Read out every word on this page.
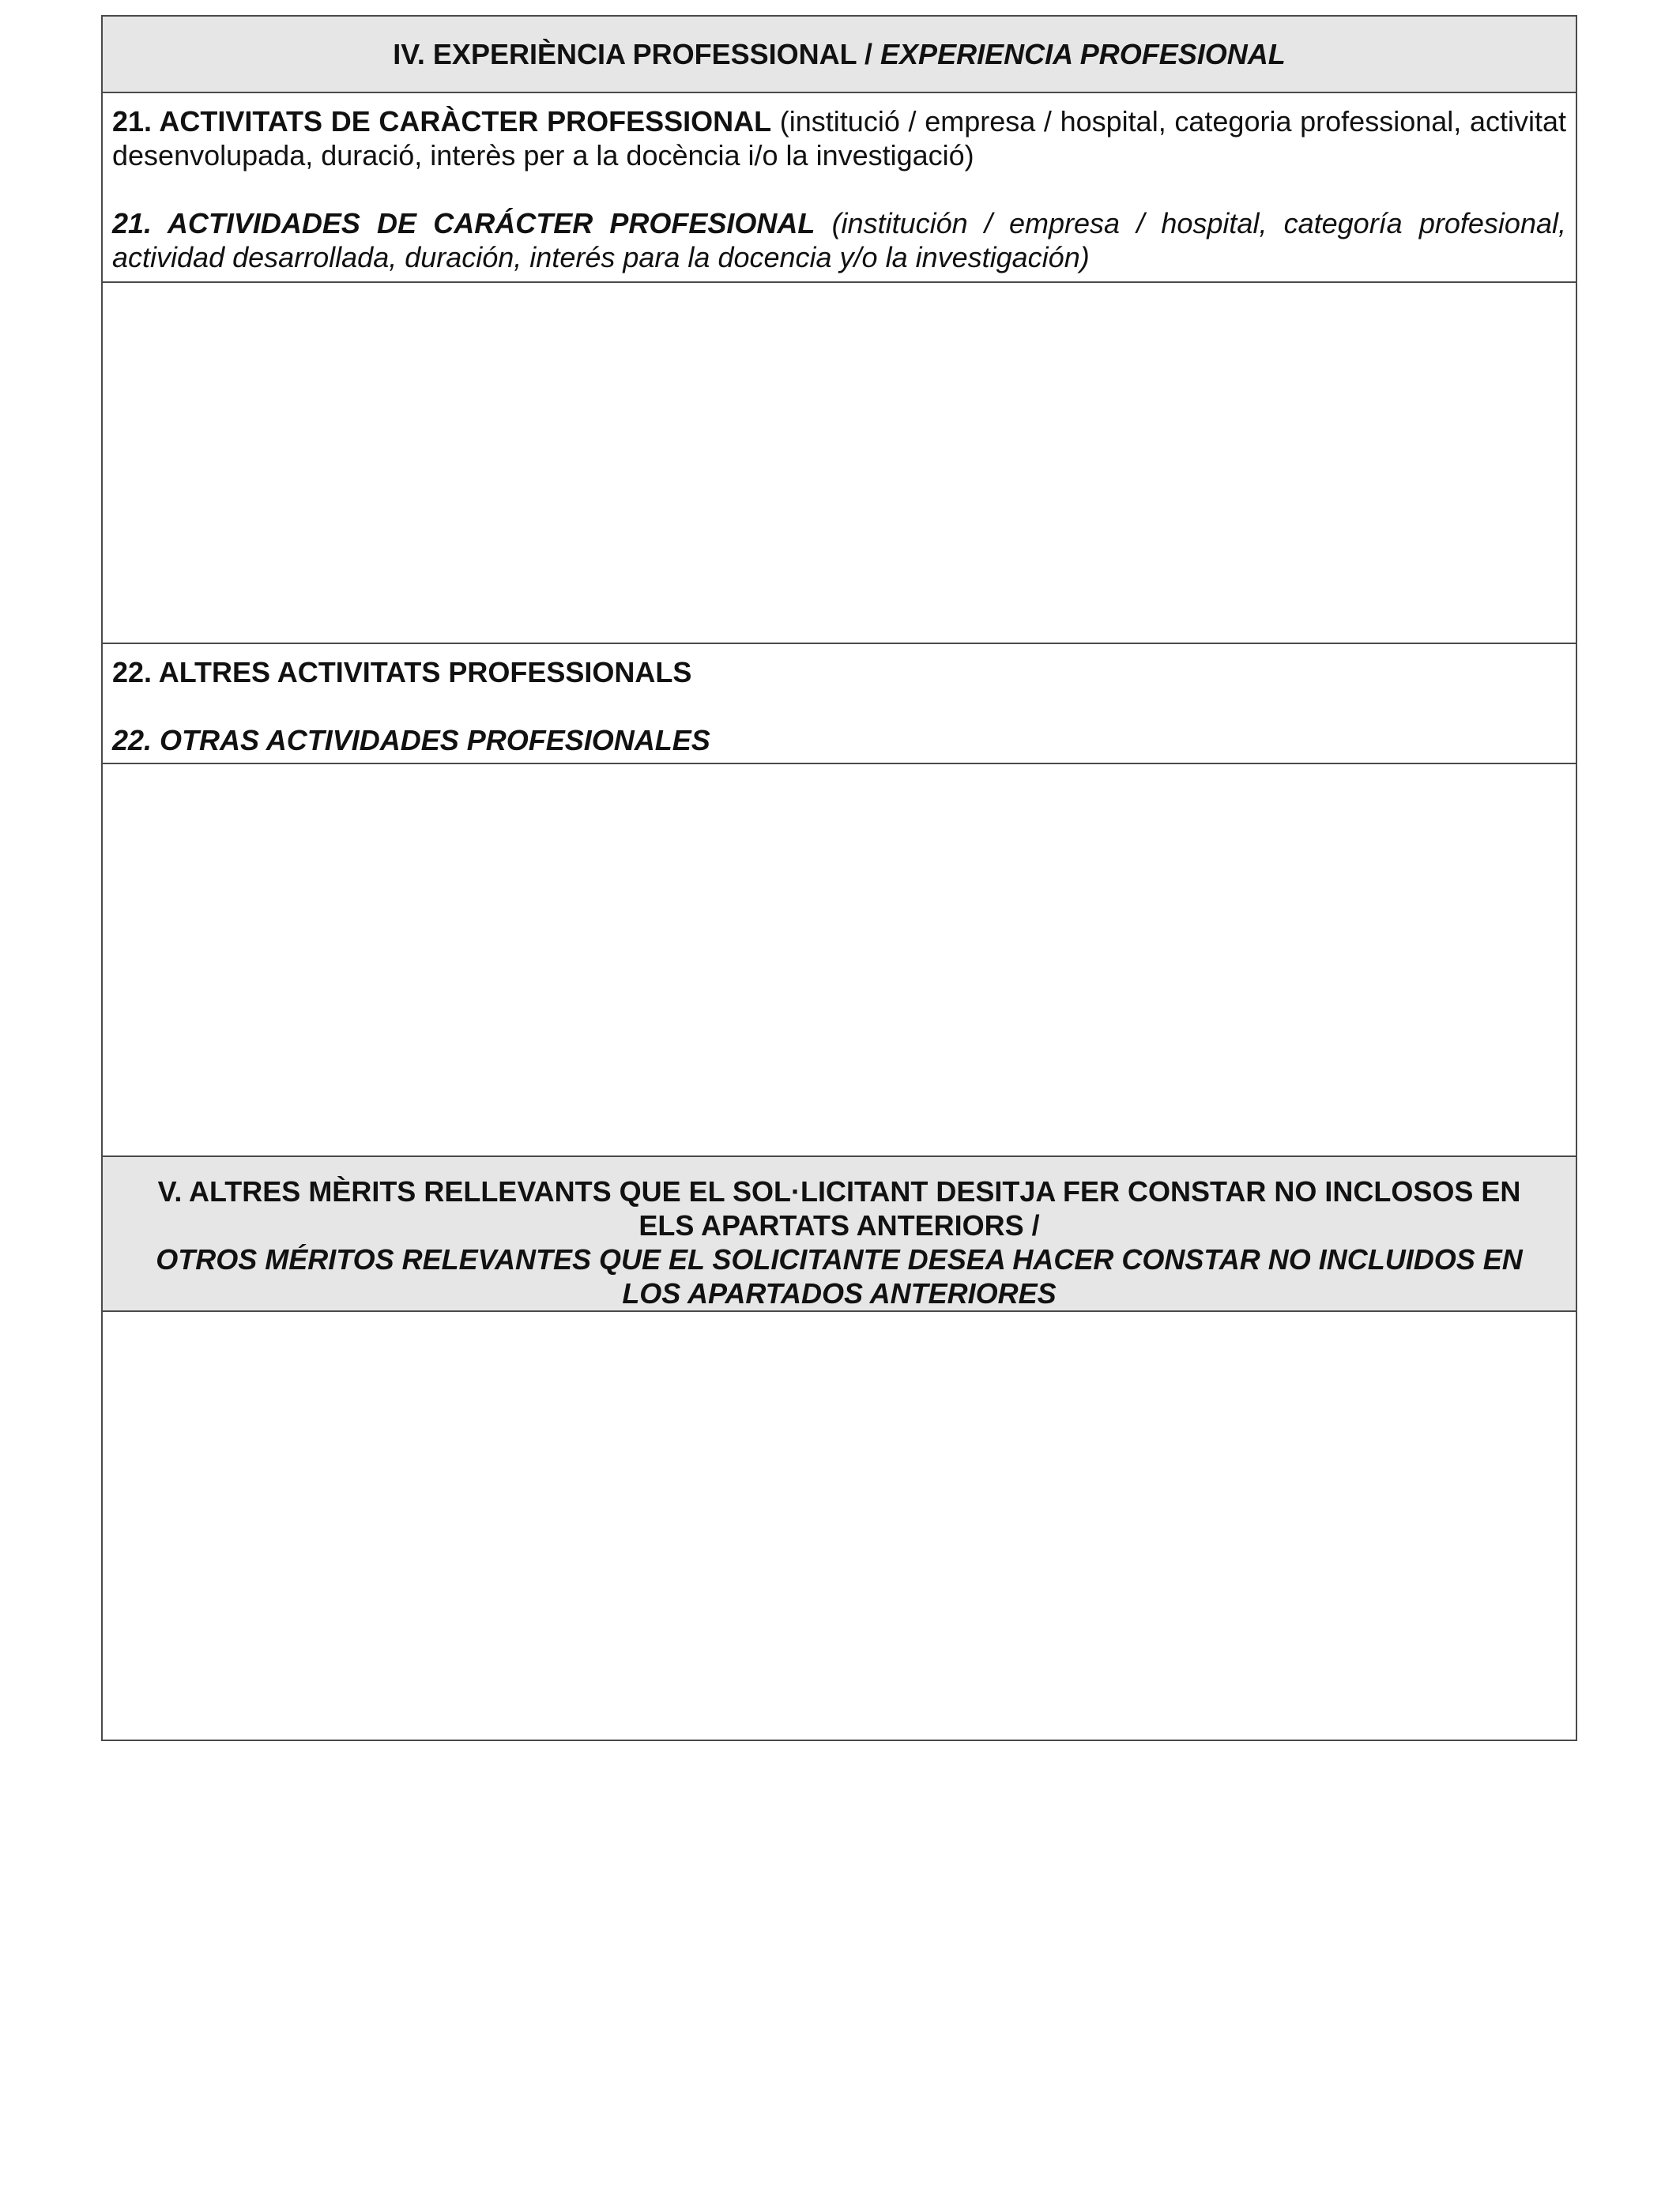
IV. EXPERIÈNCIA PROFESSIONAL / EXPERIENCIA PROFESIONAL

21. ACTIVITATS DE CARÀCTER PROFESSIONAL (institució / empresa / hospital, categoria professional, activitat desenvolupada, duració, interès per a la docència i/o la investigació)

21. ACTIVIDADES DE CARÁCTER PROFESIONAL (institución / empresa / hospital, categoría profesional, actividad desarrollada, duración, interés para la docencia y/o la investigación)

22. ALTRES ACTIVITATS PROFESSIONALS

22. OTRAS ACTIVIDADES PROFESIONALES

V. ALTRES MÈRITS RELLEVANTS QUE EL SOL·LICITANT DESITJA FER CONSTAR NO INCLOSOS EN ELS APARTATS ANTERIORS /
OTROS MÉRITOS RELEVANTES QUE EL SOLICITANTE DESEA HACER CONSTAR NO INCLUIDOS EN LOS APARTADOS ANTERIORES
